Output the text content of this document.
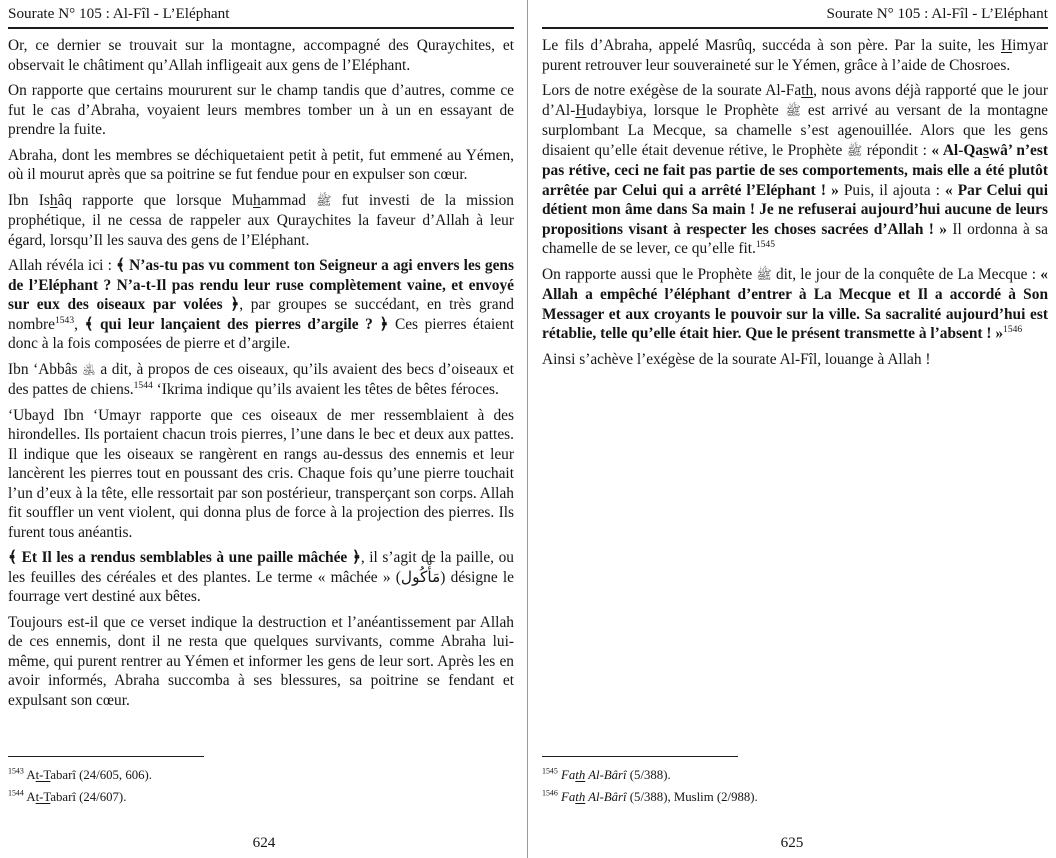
Sourate N° 105 : Al-Fîl - L’Eléphant

Or, ce dernier se trouvait sur la montagne, accompagné des Quraychites, et observait le châtiment qu’Allah infligeait aux gens de l’Eléphant.

On rapporte que certains moururent sur le champ tandis que d’autres, comme ce fut le cas d’Abraha, voyaient leurs membres tomber un à un en essayant de prendre la fuite.

Abraha, dont les membres se déchiquetaient petit à petit, fut emmené au Yémen, où il mourut après que sa poitrine se fut fendue pour en expulser son cœur.

Ibn Ishâq rapporte que lorsque Muhammad ﷺ fut investi de la mission prophétique, il ne cessa de rappeler aux Quraychites la faveur d’Allah à leur égard, lorsqu’Il les sauva des gens de l’Eléphant.

Allah révéla ici : ﴾ N’as-tu pas vu comment ton Seigneur a agi envers les gens de l’Eléphant ? N’a-t-Il pas rendu leur ruse complètement vaine, et envoyé sur eux des oiseaux par volées ﴿, par groupes se succédant, en très grand nombre$^{1543}$, ﴾ qui leur lançaient des pierres d’argile ? ﴿ Ces pierres étaient donc à la fois composées de pierre et d’argile.

Ibn ‘Abbâs ﵁ a dit, à propos de ces oiseaux, qu’ils avaient des becs d’oiseaux et des pattes de chiens.$^{1544}$ ‘Ikrima indique qu’ils avaient les têtes de bêtes féroces.

‘Ubayd Ibn ‘Umayr rapporte que ces oiseaux de mer ressemblaient à des hirondelles. Ils portaient chacun trois pierres, l’une dans le bec et deux aux pattes. Il indique que les oiseaux se rangèrent en rangs au-dessus des ennemis et leur lancèrent les pierres tout en poussant des cris. Chaque fois qu’une pierre touchait l’un d’eux à la tête, elle ressortait par son postérieur, transperçant son corps. Allah fit souffler un vent violent, qui donna plus de force à la projection des pierres. Ils furent tous anéantis.

﴾ Et Il les a rendus semblables à une paille mâchée ﴿, il s’agit de la paille, ou les feuilles des céréales et des plantes. Le terme « mâchée » (مَأْكُول) désigne le fourrage vert destiné aux bêtes.

Toujours est-il que ce verset indique la destruction et l’anéantissement par Allah de ces ennemis, dont il ne resta que quelques survivants, comme Abraha lui-même, qui purent rentrer au Yémen et informer les gens de leur sort. Après les en avoir informés, Abraha succomba à ses blessures, sa poitrine se fendant et expulsant son cœur.

$^{1543}$ At-Tabarî (24/605, 606).

$^{1544}$ At-Tabarî (24/607).

624
Sourate N° 105 : Al-Fîl - L’Eléphant

Le fils d’Abraha, appelé Masrûq, succéda à son père. Par la suite, les Himyar purent retrouver leur souveraineté sur le Yémen, grâce à l’aide de Chosroes.

Lors de notre exégèse de la sourate Al-Fath, nous avons déjà rapporté que le jour d’Al-Hudaybiya, lorsque le Prophète ﷺ est arrivé au versant de la montagne surplombant La Mecque, sa chamelle s’est agenouillée. Alors que les gens disaient qu’elle était devenue rétive, le Prophète ﷺ répondit : « Al-Qaswâ’ n’est pas rétive, ceci ne fait pas partie de ses comportements, mais elle a été plutôt arrêtée par Celui qui a arrêté l’Eléphant ! » Puis, il ajouta : « Par Celui qui détient mon âme dans Sa main ! Je ne refuserai aujourd’hui aucune de leurs propositions visant à respecter les choses sacrées d’Allah ! » Il ordonna à sa chamelle de se lever, ce qu’elle fit.$^{1545}$

On rapporte aussi que le Prophète ﷺ dit, le jour de la conquête de La Mecque : « Allah a empêché l’éléphant d’entrer à La Mecque et Il a accordé à Son Messager et aux croyants le pouvoir sur la ville. Sa sacralité aujourd’hui est rétablie, telle qu’elle était hier. Que le présent transmette à l’absent ! »$^{1546}$

Ainsi s’achève l’exégèse de la sourate Al-Fîl, louange à Allah !

$^{1545}$ Fath Al-Bârî (5/388).

$^{1546}$ Fath Al-Bârî (5/388), Muslim (2/988).

625
